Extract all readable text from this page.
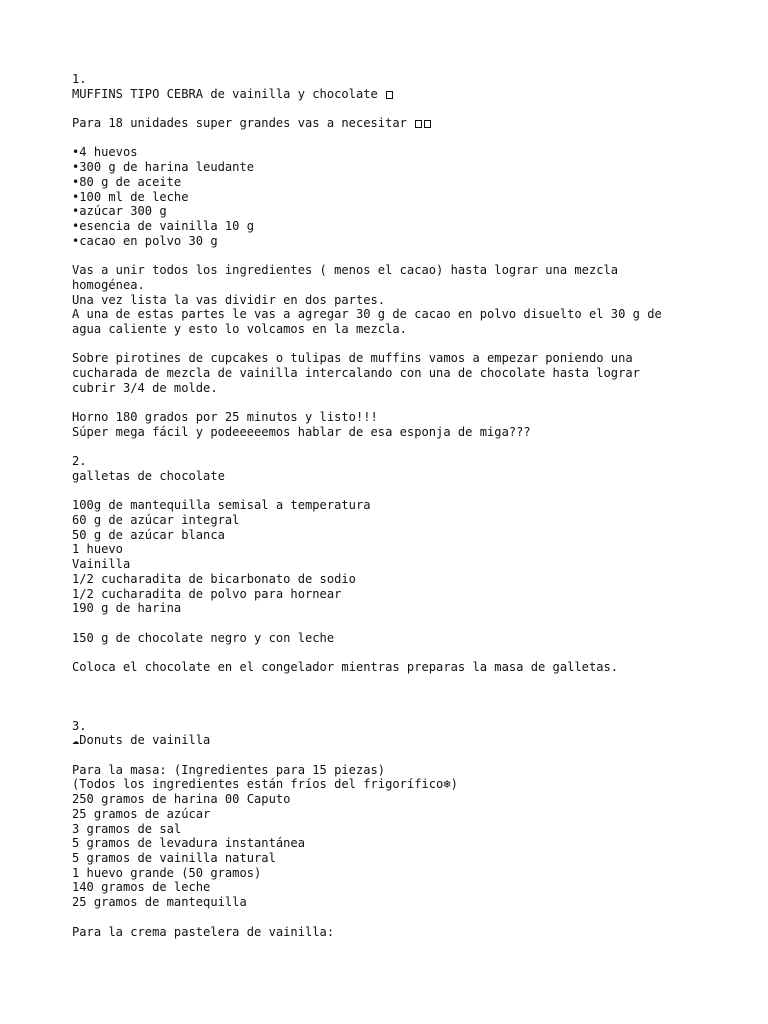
1.
MUFFINS TIPO CEBRA de vainilla y chocolate
Para 18 unidades super grandes vas a necesitar
• 4 huevos
• 300 g de harina leudante
• 80 g de aceite
• 100 ml de leche
• azúcar 300 g
• esencia de vainilla 10 g
• cacao en polvo 30 g
Vas a unir todos los ingredientes ( menos el cacao) hasta lograr una mezcla
homogénea.
Una vez lista la vas dividir en dos partes.
A una de estas partes le vas a agregar 30 g de cacao en polvo disuelto el 30 g de
agua caliente y esto lo volcamos en la mezcla.
Sobre pirotines de cupcakes o tulipas de muffins vamos a empezar poniendo una
cucharada de mezcla de vainilla intercalando con una de chocolate hasta lograr
cubrir 3/4 de molde.
Horno 180 grados por 25 minutos y listo!!!
Súper mega fácil y podeeeeemos hablar de esa esponja de miga???
2.
galletas de chocolate
100g de mantequilla semisal a temperatura
60 g de azúcar integral
50 g de azúcar blanca
1 huevo
Vainilla
1/2 cucharadita de bicarbonato de sodio
1/2 cucharadita de polvo para hornear
190 g de harina
150 g de chocolate negro y con leche
Coloca el chocolate en el congelador mientras preparas la masa de galletas.
3.
☁Donuts de vainilla
Para la masa: (Ingredientes para 15 piezas)
(Todos los ingredientes están fríos del frigorífico❄)
250 gramos de harina 00 Caputo
25 gramos de azúcar
3 gramos de sal
5 gramos de levadura instantánea
5 gramos de vainilla natural
1 huevo grande (50 gramos)
140 gramos de leche
25 gramos de mantequilla
Para la crema pastelera de vainilla:
